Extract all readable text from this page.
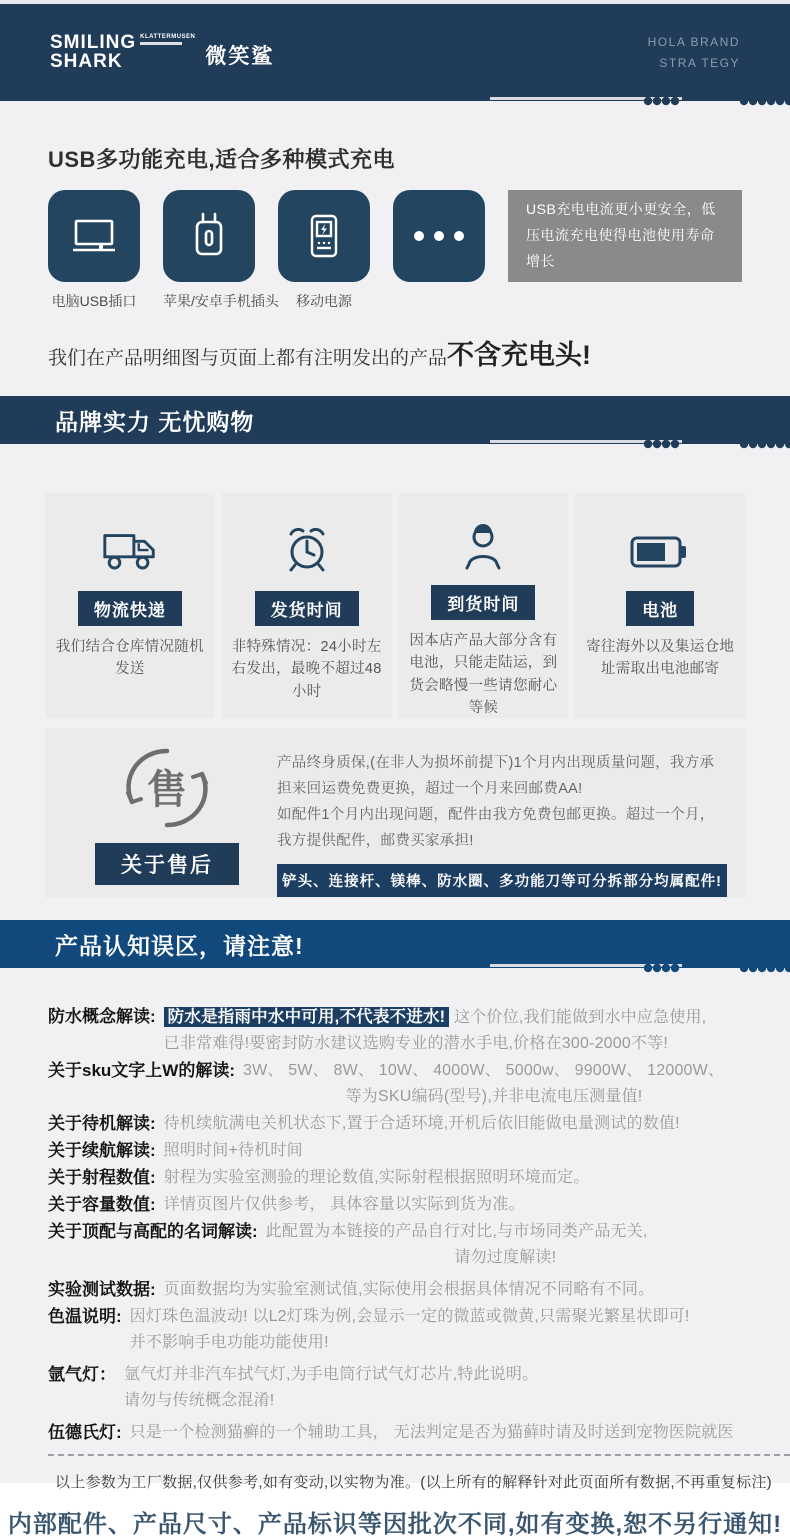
SMILING KLATTERMUSEN
SHARK	微笑鲨
HOLA BRAND
STRA TEGY
USB多功能充电,适合多种模式充电
USB充电电流更小更安全，低压电流充电使得电池使用寿命增长
电脑USB插口 苹果/安卓手机插头	移动电源
我们在产品明细图与页面上都有注明发出的产品不含充电头!
品牌实力 无忧购物
物流快递
我们结合仓库情况随机发送
发货时间
非特殊情况：24小时左右发出，最晚不超过48小时
到货时间
因本店产品大部分含有电池，只能走陆运，到货会略慢一些请您耐心等候
电池
寄往海外以及集运仓地址需取出电池邮寄
售
关于售后
产品终身质保,(在非人为损坏前提下)1个月内出现质量问题，我方承担来回运费免费更换，超过一个月来回邮费AA!
如配件1个月内出现问题，配件由我方免费包邮更换。超过一个月，我方提供配件，邮费买家承担!
铲头、连接杆、镁棒、防水圈、多功能刀等可分拆部分均属配件!
产品认知误区，请注意!
防水概念解读: 防水是指雨中水中可用,不代表不进水! 这个价位,我们能做到水中应急使用,
已非常难得!要密封防水建议选购专业的潜水手电,价格在300-2000不等!
关于sku文字上W的解读: 3W、 5W、 8W、 10W、 4000W、 5000w、 9900W、 12000W、
等为SKU编码(型号),并非电流电压测量值!
关于待机解读: 待机续航满电关机状态下,置于合适环境,开机后依旧能做电量测试的数值!
关于续航解读: 照明时间+待机时间
关于射程数值: 射程为实验室测验的理论数值,实际射程根据照明环境而定。
关于容量数值: 详情页图片仅供参考， 具体容量以实际到货为准。
关于顶配与高配的名词解读: 此配置为本链接的产品自行对比,与市场同类产品无关,
请勿过度解读!
实验测试数据: 页面数据均为实验室测试值,实际使用会根据具体情况不同略有不同。
色温说明: 因灯珠色温波动! 以L2灯珠为例,会显示一定的微蓝或微黄,只需聚光繁星状即可!
并不影响手电功能功能使用!
氩气灯： 氩气灯并非汽车拭气灯,为手电筒行试气灯芯片,特此说明。
请勿与传统概念混淆!
伍德氏灯: 只是一个检测猫癣的一个辅助工具， 无法判定是否为猫藓时请及时送到宠物医院就医
以上参数为工厂数据,仅供参考,如有变动,以实物为准。(以上所有的解释针对此页面所有数据,不再重复标注)
内部配件、产品尺寸、产品标识等因批次不同,如有变换,恕不另行通知!
